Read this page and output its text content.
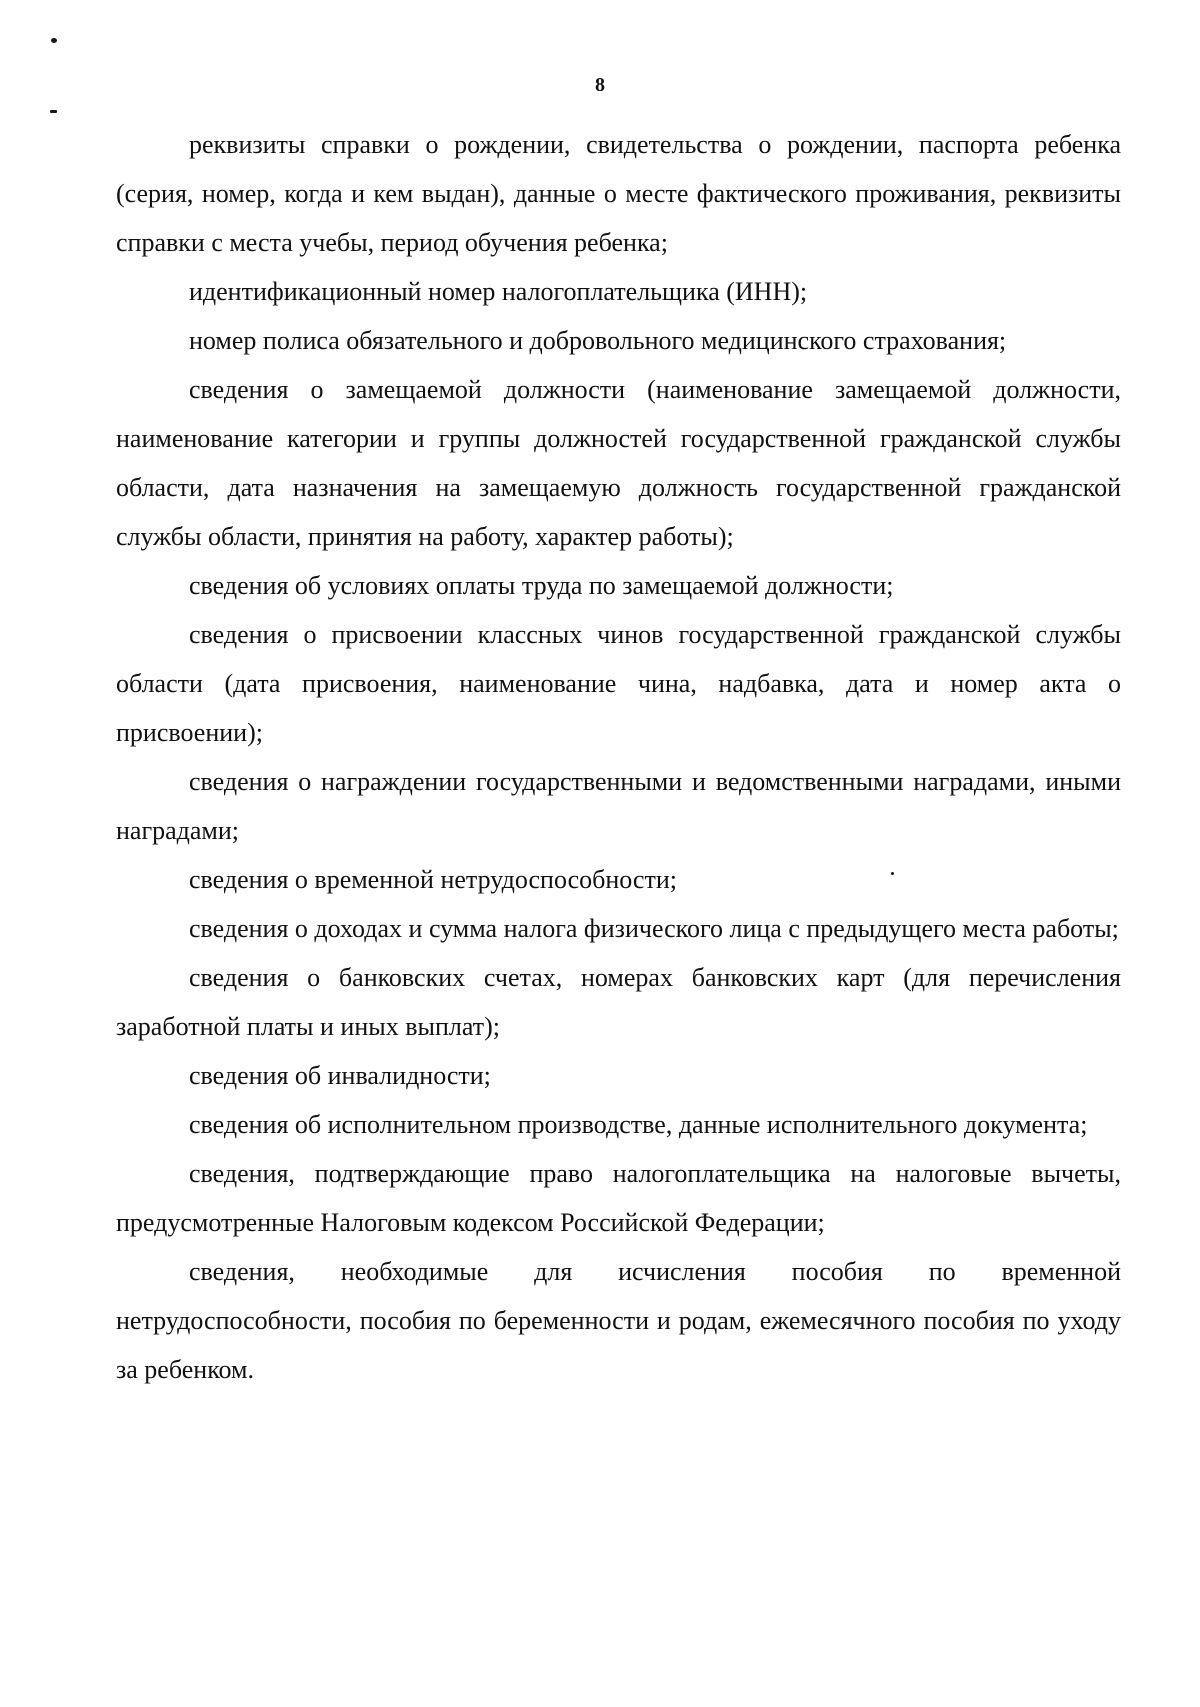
8

реквизиты справки о рождении, свидетельства о рождении, паспорта ребенка (серия, номер, когда и кем выдан), данные о месте фактического проживания, реквизиты справки с места учебы, период обучения ребенка;

идентификационный номер налогоплательщика (ИНН);

номер полиса обязательного и добровольного медицинского страхования;

сведения о замещаемой должности (наименование замещаемой должности, наименование категории и группы должностей государственной гражданской службы области, дата назначения на замещаемую должность государственной гражданской службы области, принятия на работу, характер работы);

сведения об условиях оплаты труда по замещаемой должности;

сведения о присвоении классных чинов государственной гражданской службы области (дата присвоения, наименование чина, надбавка, дата и номер акта о присвоении);

сведения о награждении государственными и ведомственными наградами, иными наградами;

сведения о временной нетрудоспособности;

сведения о доходах и сумма налога физического лица с предыдущего места работы;

сведения о банковских счетах, номерах банковских карт (для перечисления заработной платы и иных выплат);

сведения об инвалидности;

сведения об исполнительном производстве, данные исполнительного документа;

сведения, подтверждающие право налогоплательщика на налоговые вычеты, предусмотренные Налоговым кодексом Российской Федерации;

сведения, необходимые для исчисления пособия по временной нетрудоспособности, пособия по беременности и родам, ежемесячного пособия по уходу за ребенком.
